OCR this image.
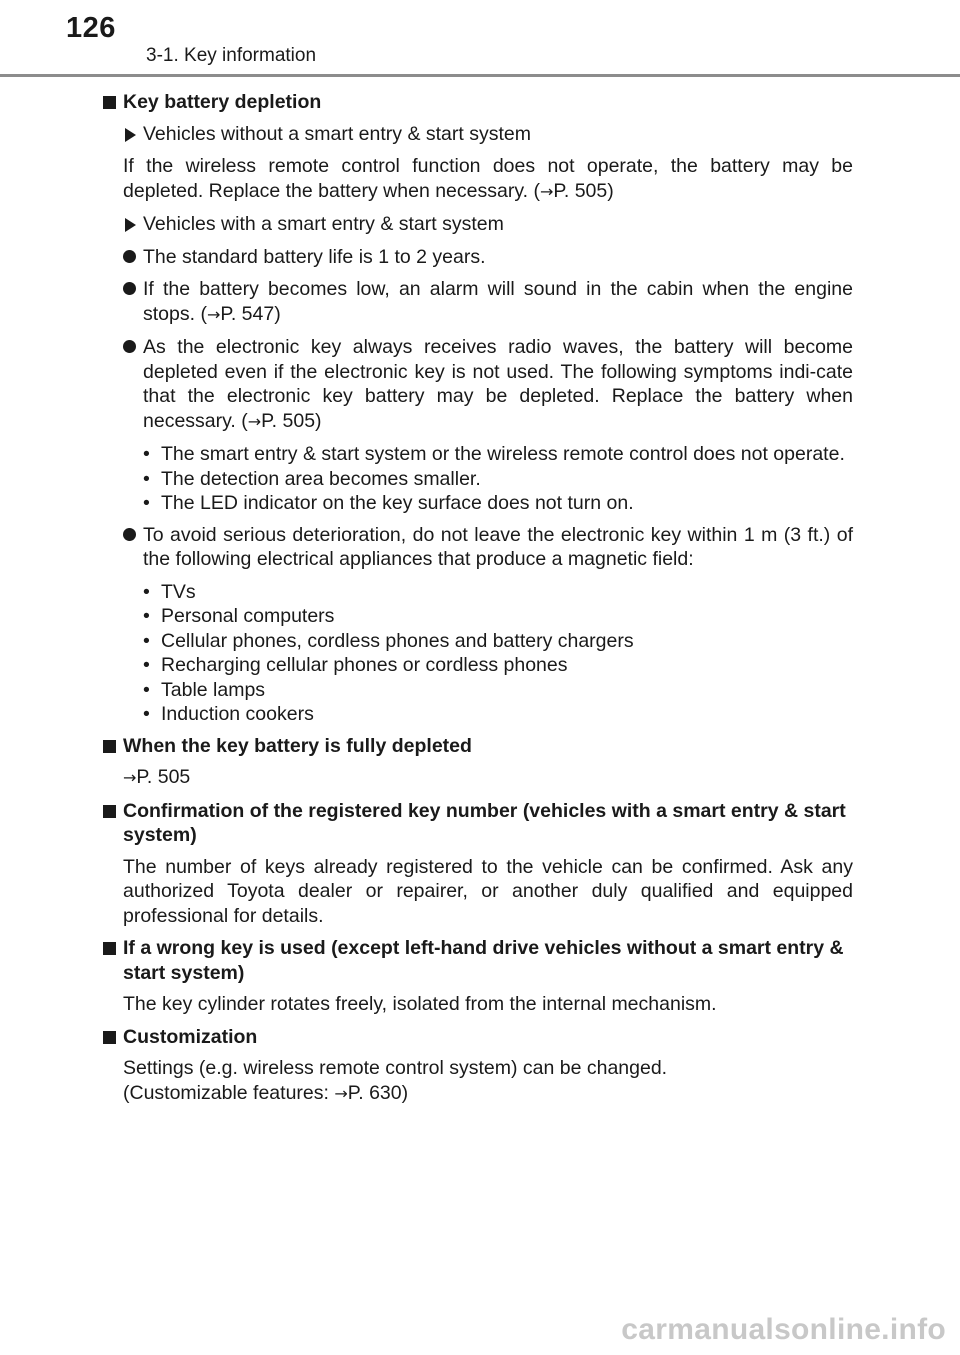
126
3-1. Key information
Key battery depletion
Vehicles without a smart entry & start system
If the wireless remote control function does not operate, the battery may be depleted. Replace the battery when necessary. (→P. 505)
Vehicles with a smart entry & start system
The standard battery life is 1 to 2 years.
If the battery becomes low, an alarm will sound in the cabin when the engine stops. (→P. 547)
As the electronic key always receives radio waves, the battery will become depleted even if the electronic key is not used. The following symptoms indi-cate that the electronic key battery may be depleted. Replace the battery when necessary. (→P. 505)
• The smart entry & start system or the wireless remote control does not operate.
• The detection area becomes smaller.
• The LED indicator on the key surface does not turn on.
To avoid serious deterioration, do not leave the electronic key within 1 m (3 ft.) of the following electrical appliances that produce a magnetic field:
• TVs
• Personal computers
• Cellular phones, cordless phones and battery chargers
• Recharging cellular phones or cordless phones
• Table lamps
• Induction cookers
When the key battery is fully depleted
→P. 505
Confirmation of the registered key number (vehicles with a smart entry & start system)
The number of keys already registered to the vehicle can be confirmed. Ask any authorized Toyota dealer or repairer, or another duly qualified and equipped professional for details.
If a wrong key is used (except left-hand drive vehicles without a smart entry & start system)
The key cylinder rotates freely, isolated from the internal mechanism.
Customization
Settings (e.g. wireless remote control system) can be changed.
(Customizable features: →P. 630)
carmanualsonline.info
